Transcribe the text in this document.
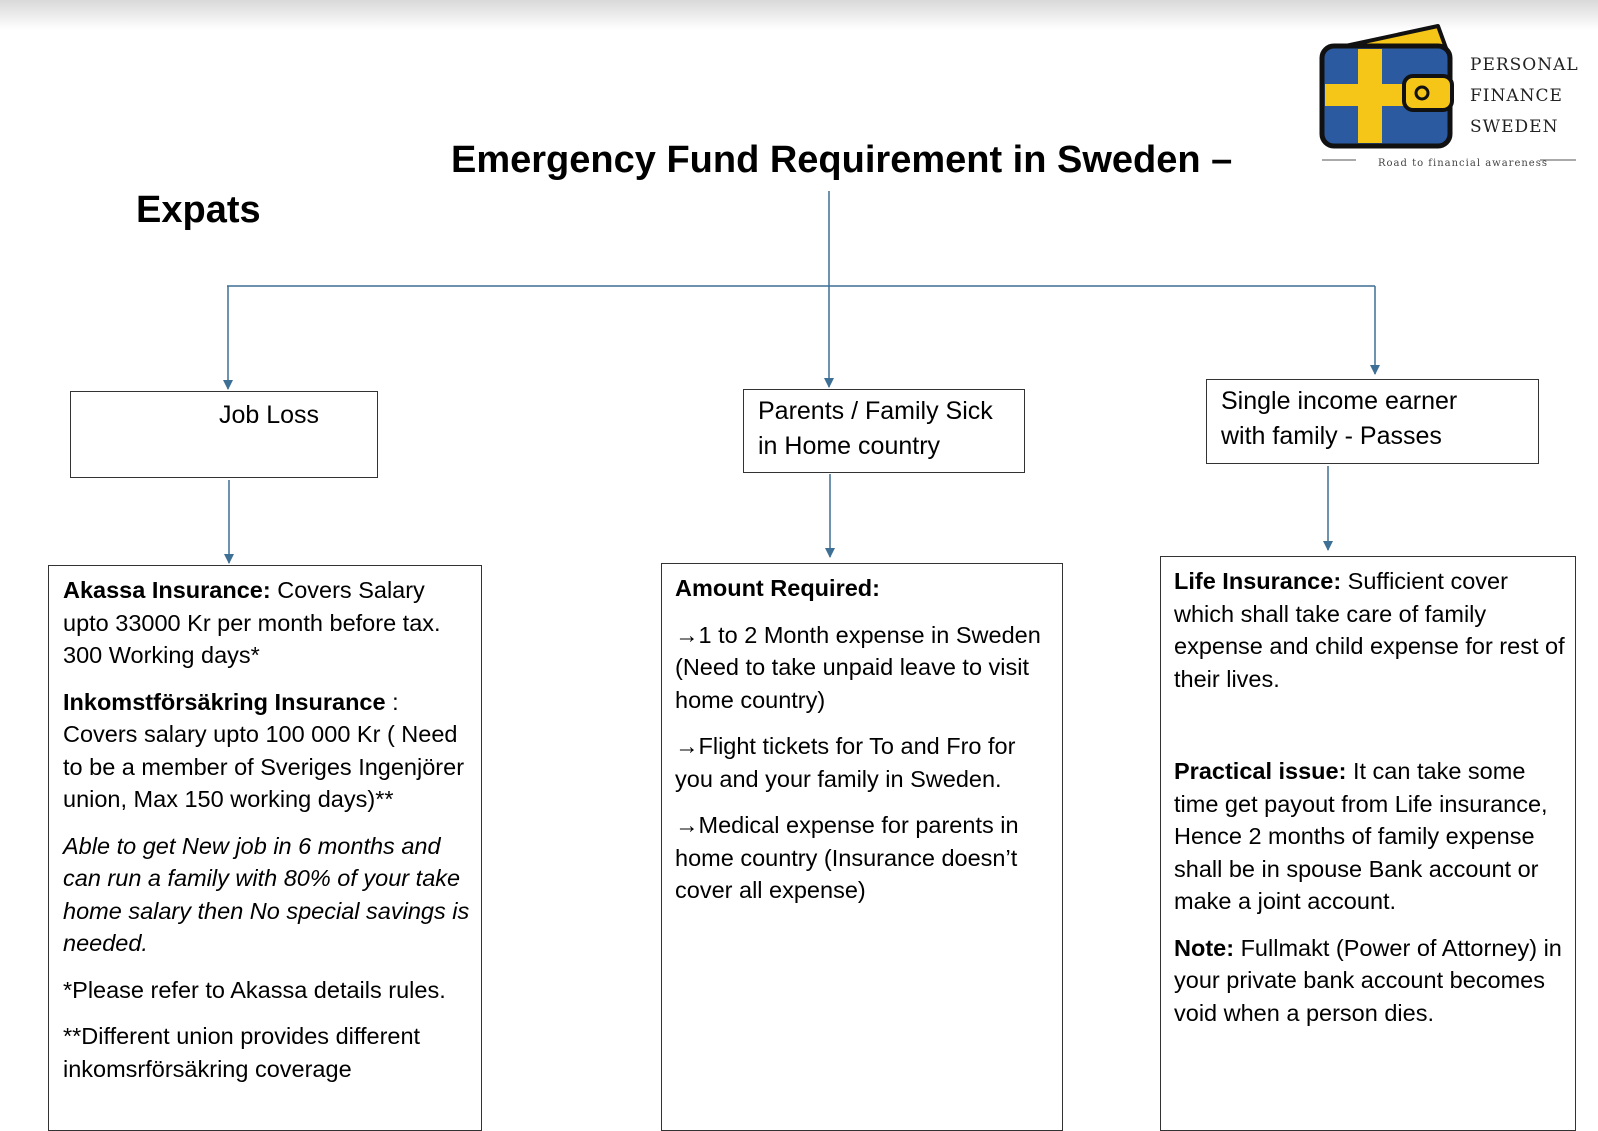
Emergency Fund Requirement in Sweden –
Expats
PERSONAL
FINANCE
SWEDEN
Road to financial awareness
Job Loss	Parents / Family Sick
in Home country
Single income earner
with family - Passes

Akassa Insurance: Covers Salary upto 33000 Kr per month before tax. 300 Working days*

Inkomstförsäkring Insurance : Covers salary upto 100 000 Kr ( Need to be a member of Sveriges Ingenjörer union, Max 150 working days)**

Able to get New job in 6 months and can run a family with 80% of your take home salary then No special savings is needed.

*Please refer to Akassa details rules.

**Different union provides different inkomsrförsäkring coverage

Amount Required:

→1 to 2 Month expense in Sweden (Need to take unpaid leave to visit home country)

→Flight tickets for To and Fro for you and your family in Sweden.

→Medical expense for parents in home country (Insurance doesn’t cover all expense)

Life Insurance: Sufficient cover which shall take care of family expense and child expense for rest of their lives.

Practical issue: It can take some time get payout from Life insurance, Hence 2 months of family expense shall be in spouse Bank account or make a joint account.

Note: Fullmakt (Power of Attorney) in your private bank account becomes void when a person dies.
